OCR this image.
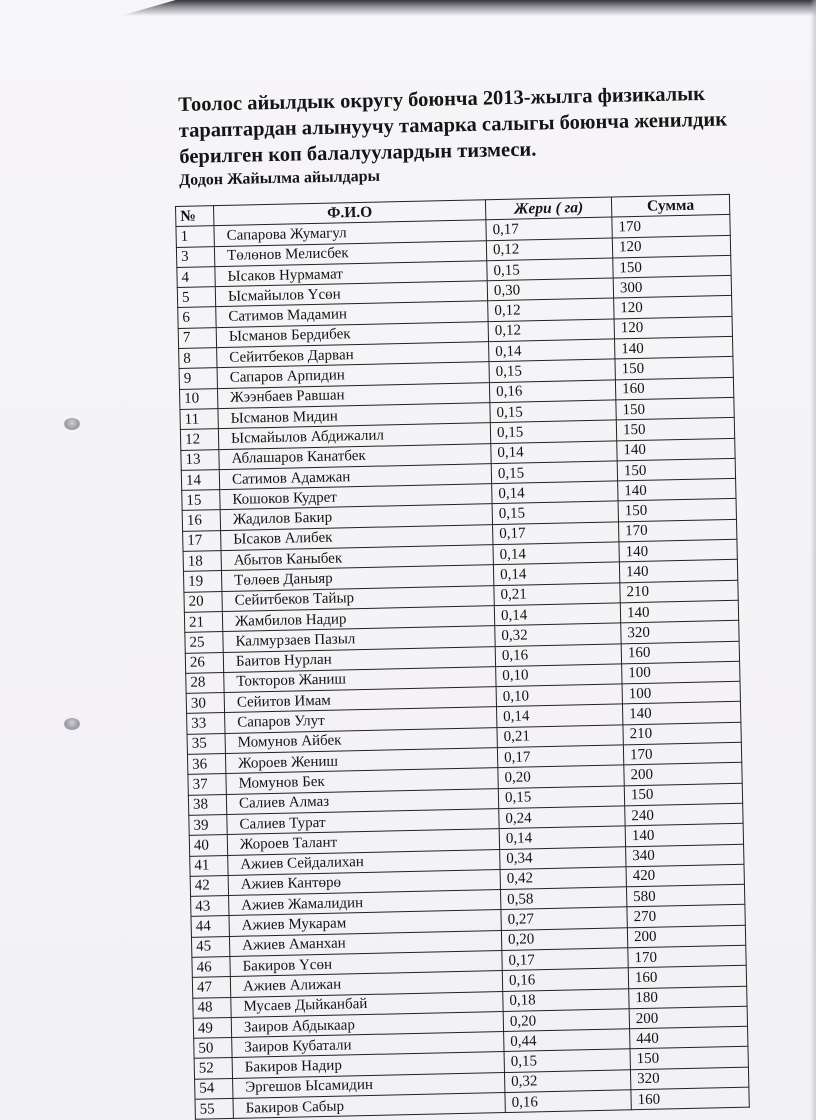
Тоолос айылдык округу боюнча 2013-жылга физикалык тараптардан алынуучу тамарка салыгы боюнча женилдик берилген коп балалуулардын тизмеси.
Додон Жайылма айылдары
№	Ф.И.О	Жери ( га)	Сумма
1	Сапарова Жумагул	0,17	170
3	Төлөнов Мелисбек	0,12	120
4	Ысаков Нурмамат	0,15	150
5	Ысмайылов Үсөн	0,30	300
6	Сатимов Мадамин	0,12	120
7	Ысманов Бердибек	0,12	120
8	Сейитбеков Дарван	0,14	140
9	Сапаров Арпидин	0,15	150
10	Жээнбаев Равшан	0,16	160
11	Ысманов Мидин	0,15	150
12	Ысмайылов Абдижалил	0,15	150
13	Аблашаров Канатбек	0,14	140
14	Сатимов Адамжан	0,15	150
15	Кошоков Кудрет	0,14	140
16	Жадилов Бакир	0,15	150
17	Ысаков Алибек	0,17	170
18	Абытов Каныбек	0,14	140
19	Төлөев Даныяр	0,14	140
20	Сейитбеков Тайыр	0,21	210
21	Жамбилов Надир	0,14	140
25	Калмурзаев Пазыл	0,32	320
26	Баитов Нурлан	0,16	160
28	Токторов Жаниш	0,10	100
30	Сейитов Имам	0,10	100
33	Сапаров Улут	0,14	140
35	Момунов Айбек	0,21	210
36	Жороев Жениш	0,17	170
37	Момунов Бек	0,20	200
38	Салиев Алмаз	0,15	150
39	Салиев Турат	0,24	240
40	Жороев Талант	0,14	140
41	Ажиев Сейдалихан	0,34	340
42	Ажиев Кантөрө	0,42	420
43	Ажиев Жамалидин	0,58	580
44	Ажиев Мукарам	0,27	270
45	Ажиев Аманхан	0,20	200
46	Бакиров Үсөн	0,17	170
47	Ажиев Алижан	0,16	160
48	Мусаев Дыйканбай	0,18	180
49	Заиров Абдыкаар	0,20	200
50	Заиров Кубатали	0,44	440
52	Бакиров Надир	0,15	150
54	Эргешов Ысамидин	0,32	320
55	Бакиров Сабыр	0,16	160
